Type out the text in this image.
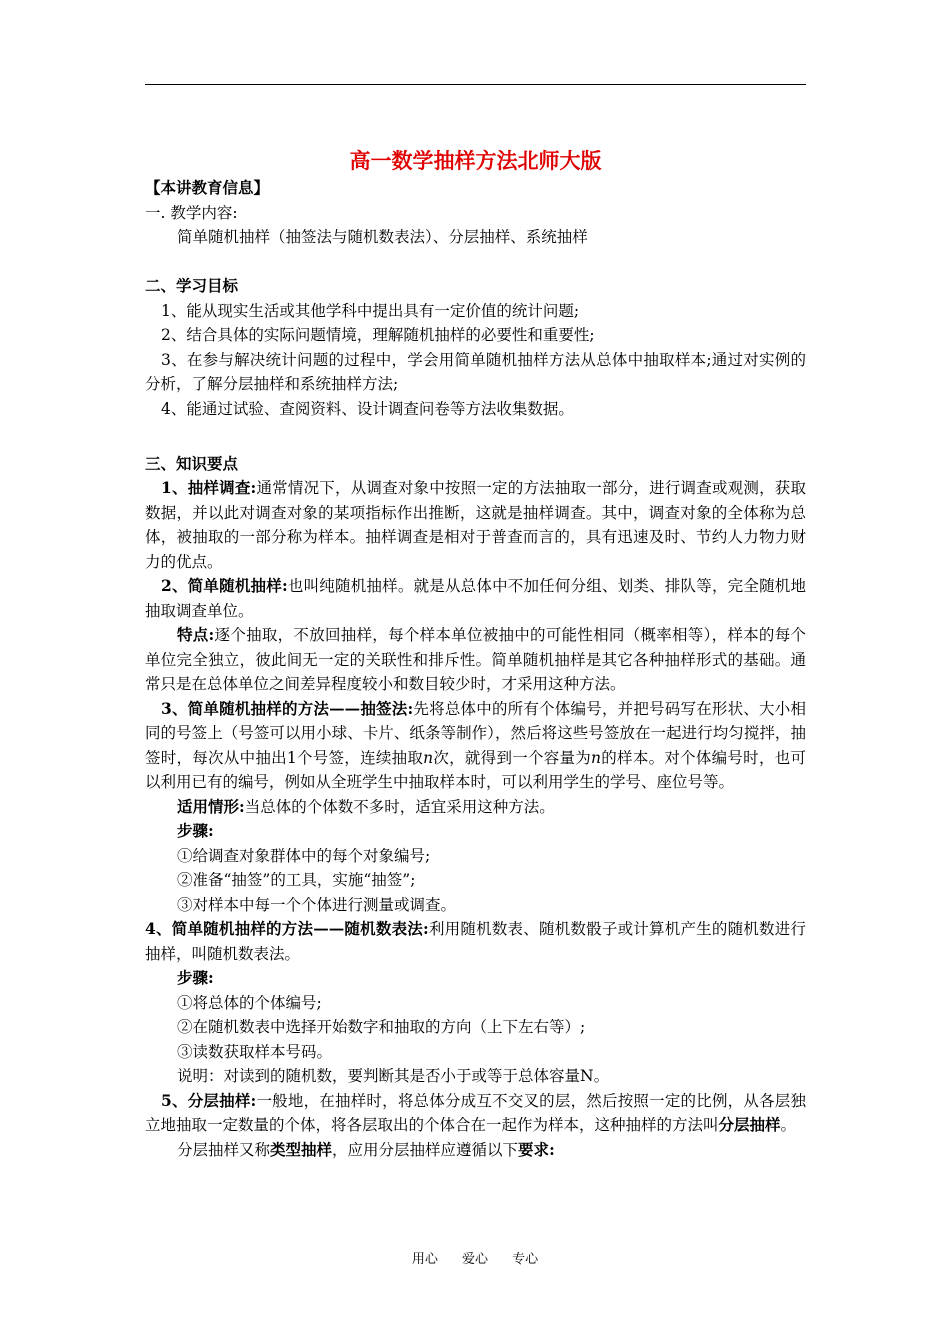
高一数学抽样方法北师大版
【本讲教育信息】
一. 教学内容:
简单随机抽样（抽签法与随机数表法）、分层抽样、系统抽样
二、学习目标
1、能从现实生活或其他学科中提出具有一定价值的统计问题;
2、结合具体的实际问题情境，理解随机抽样的必要性和重要性;
3、在参与解决统计问题的过程中，学会用简单随机抽样方法从总体中抽取样本;通过对实例的分析，了解分层抽样和系统抽样方法;
4、能通过试验、查阅资料、设计调查问卷等方法收集数据。
三、知识要点
1、抽样调查:通常情况下，从调查对象中按照一定的方法抽取一部分，进行调查或观测，获取数据，并以此对调查对象的某项指标作出推断，这就是抽样调查。其中，调查对象的全体称为总体，被抽取的一部分称为样本。抽样调查是相对于普查而言的，具有迅速及时、节约人力物力财力的优点。
2、简单随机抽样:也叫纯随机抽样。就是从总体中不加任何分组、划类、排队等，完全随机地抽取调查单位。
特点:逐个抽取，不放回抽样，每个样本单位被抽中的可能性相同（概率相等），样本的每个单位完全独立，彼此间无一定的关联性和排斥性。简单随机抽样是其它各种抽样形式的基础。通常只是在总体单位之间差异程度较小和数目较少时，才采用这种方法。
3、简单随机抽样的方法——抽签法:先将总体中的所有个体编号，并把号码写在形状、大小相同的号签上（号签可以用小球、卡片、纸条等制作），然后将这些号签放在一起进行均匀搅拌，抽签时，每次从中抽出1个号签，连续抽取n次，就得到一个容量为n的样本。对个体编号时，也可以利用已有的编号，例如从全班学生中抽取样本时，可以利用学生的学号、座位号等。
适用情形:当总体的个体数不多时，适宜采用这种方法。
步骤:
①给调查对象群体中的每个对象编号;
②准备“抽签”的工具，实施“抽签”;
③对样本中每一个个体进行测量或调查。
4、简单随机抽样的方法——随机数表法:利用随机数表、随机数骰子或计算机产生的随机数进行抽样，叫随机数表法。
步骤:
①将总体的个体编号;
②在随机数表中选择开始数字和抽取的方向（上下左右等）;
③读数获取样本号码。
说明：对读到的随机数，要判断其是否小于或等于总体容量N。
5、分层抽样:一般地，在抽样时，将总体分成互不交叉的层，然后按照一定的比例，从各层独立地抽取一定数量的个体，将各层取出的个体合在一起作为样本，这种抽样的方法叫分层抽样。
分层抽样又称类型抽样，应用分层抽样应遵循以下要求:
用心 爱心 专心
